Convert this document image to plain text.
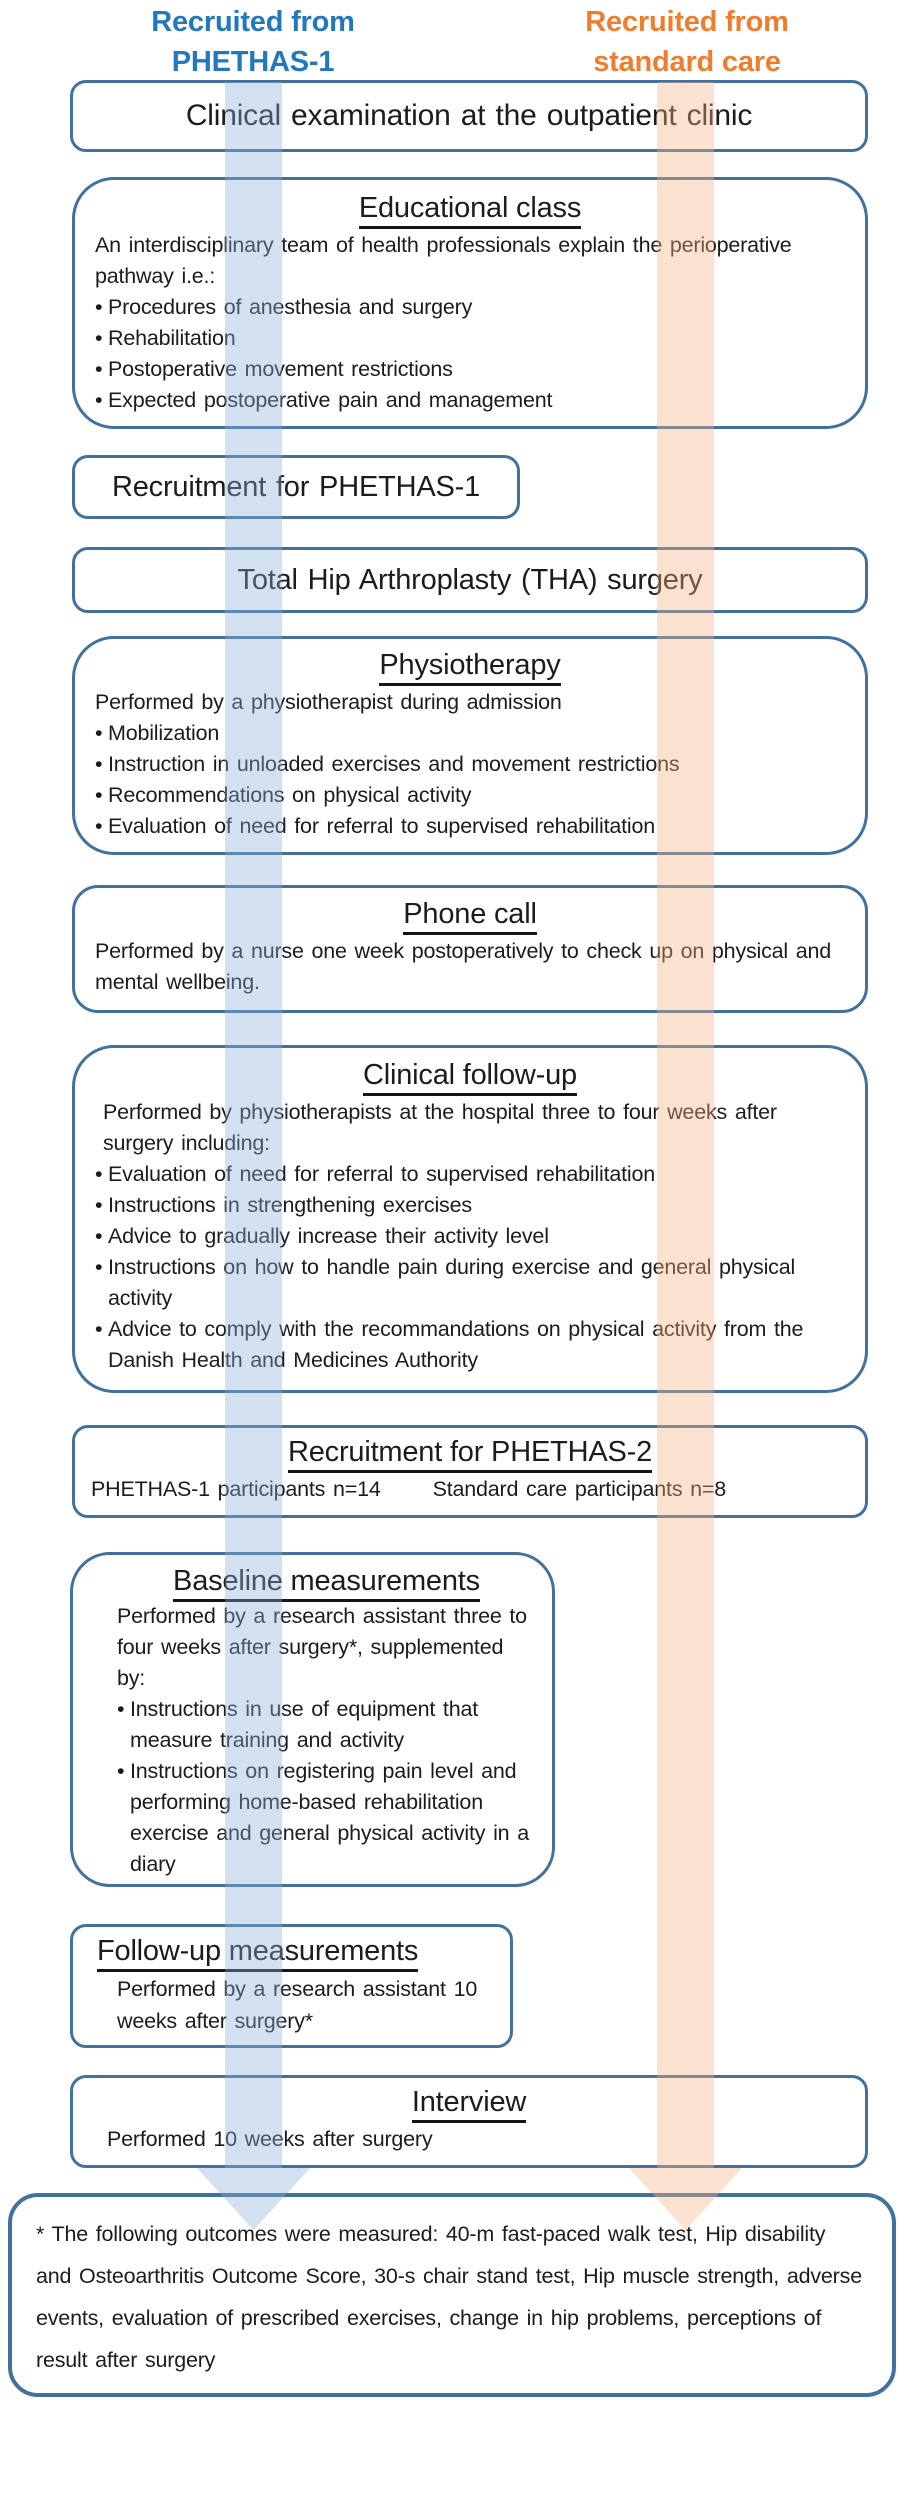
Recruited from
PHETHAS-1
Recruited from
standard care
Clinical examination at the outpatient clinic
Educational class
An interdisciplinary team of health professionals explain the perioperative pathway i.e.:
• Procedures of anesthesia and surgery
• Rehabilitation
• Postoperative movement restrictions
• Expected postoperative pain and management
Recruitment for PHETHAS-1
Total Hip Arthroplasty (THA) surgery
Physiotherapy
Performed by a physiotherapist during admission
• Mobilization
• Instruction in unloaded exercises and movement restrictions
• Recommendations on physical activity
• Evaluation of need for referral to supervised rehabilitation
Phone call
Performed by a nurse one week postoperatively to check up on physical and mental wellbeing.
Clinical follow-up
Performed by physiotherapists at the hospital three to four weeks after surgery including:
• Evaluation of need for referral to supervised rehabilitation
• Instructions in strengthening exercises
• Advice to gradually increase their activity level
• Instructions on how to handle pain during exercise and general physical activity
• Advice to comply with the recommandations on physical activity from the Danish Health and Medicines Authority
Recruitment for PHETHAS-2
PHETHAS-1 participants n=14 Standard care participants n=8
Baseline measurements
Performed by a research assistant three to four weeks after surgery*, supplemented by:
• Instructions in use of equipment that measure training and activity
• Instructions on registering pain level and performing home-based rehabilitation exercise and general physical activity in a diary
Follow-up measurements
Performed by a research assistant 10 weeks after surgery*
Interview
Performed 10 weeks after surgery
* The following outcomes were measured: 40-m fast-paced walk test, Hip disability and Osteoarthritis Outcome Score, 30-s chair stand test, Hip muscle strength, adverse events, evaluation of prescribed exercises, change in hip problems, perceptions of result after surgery
